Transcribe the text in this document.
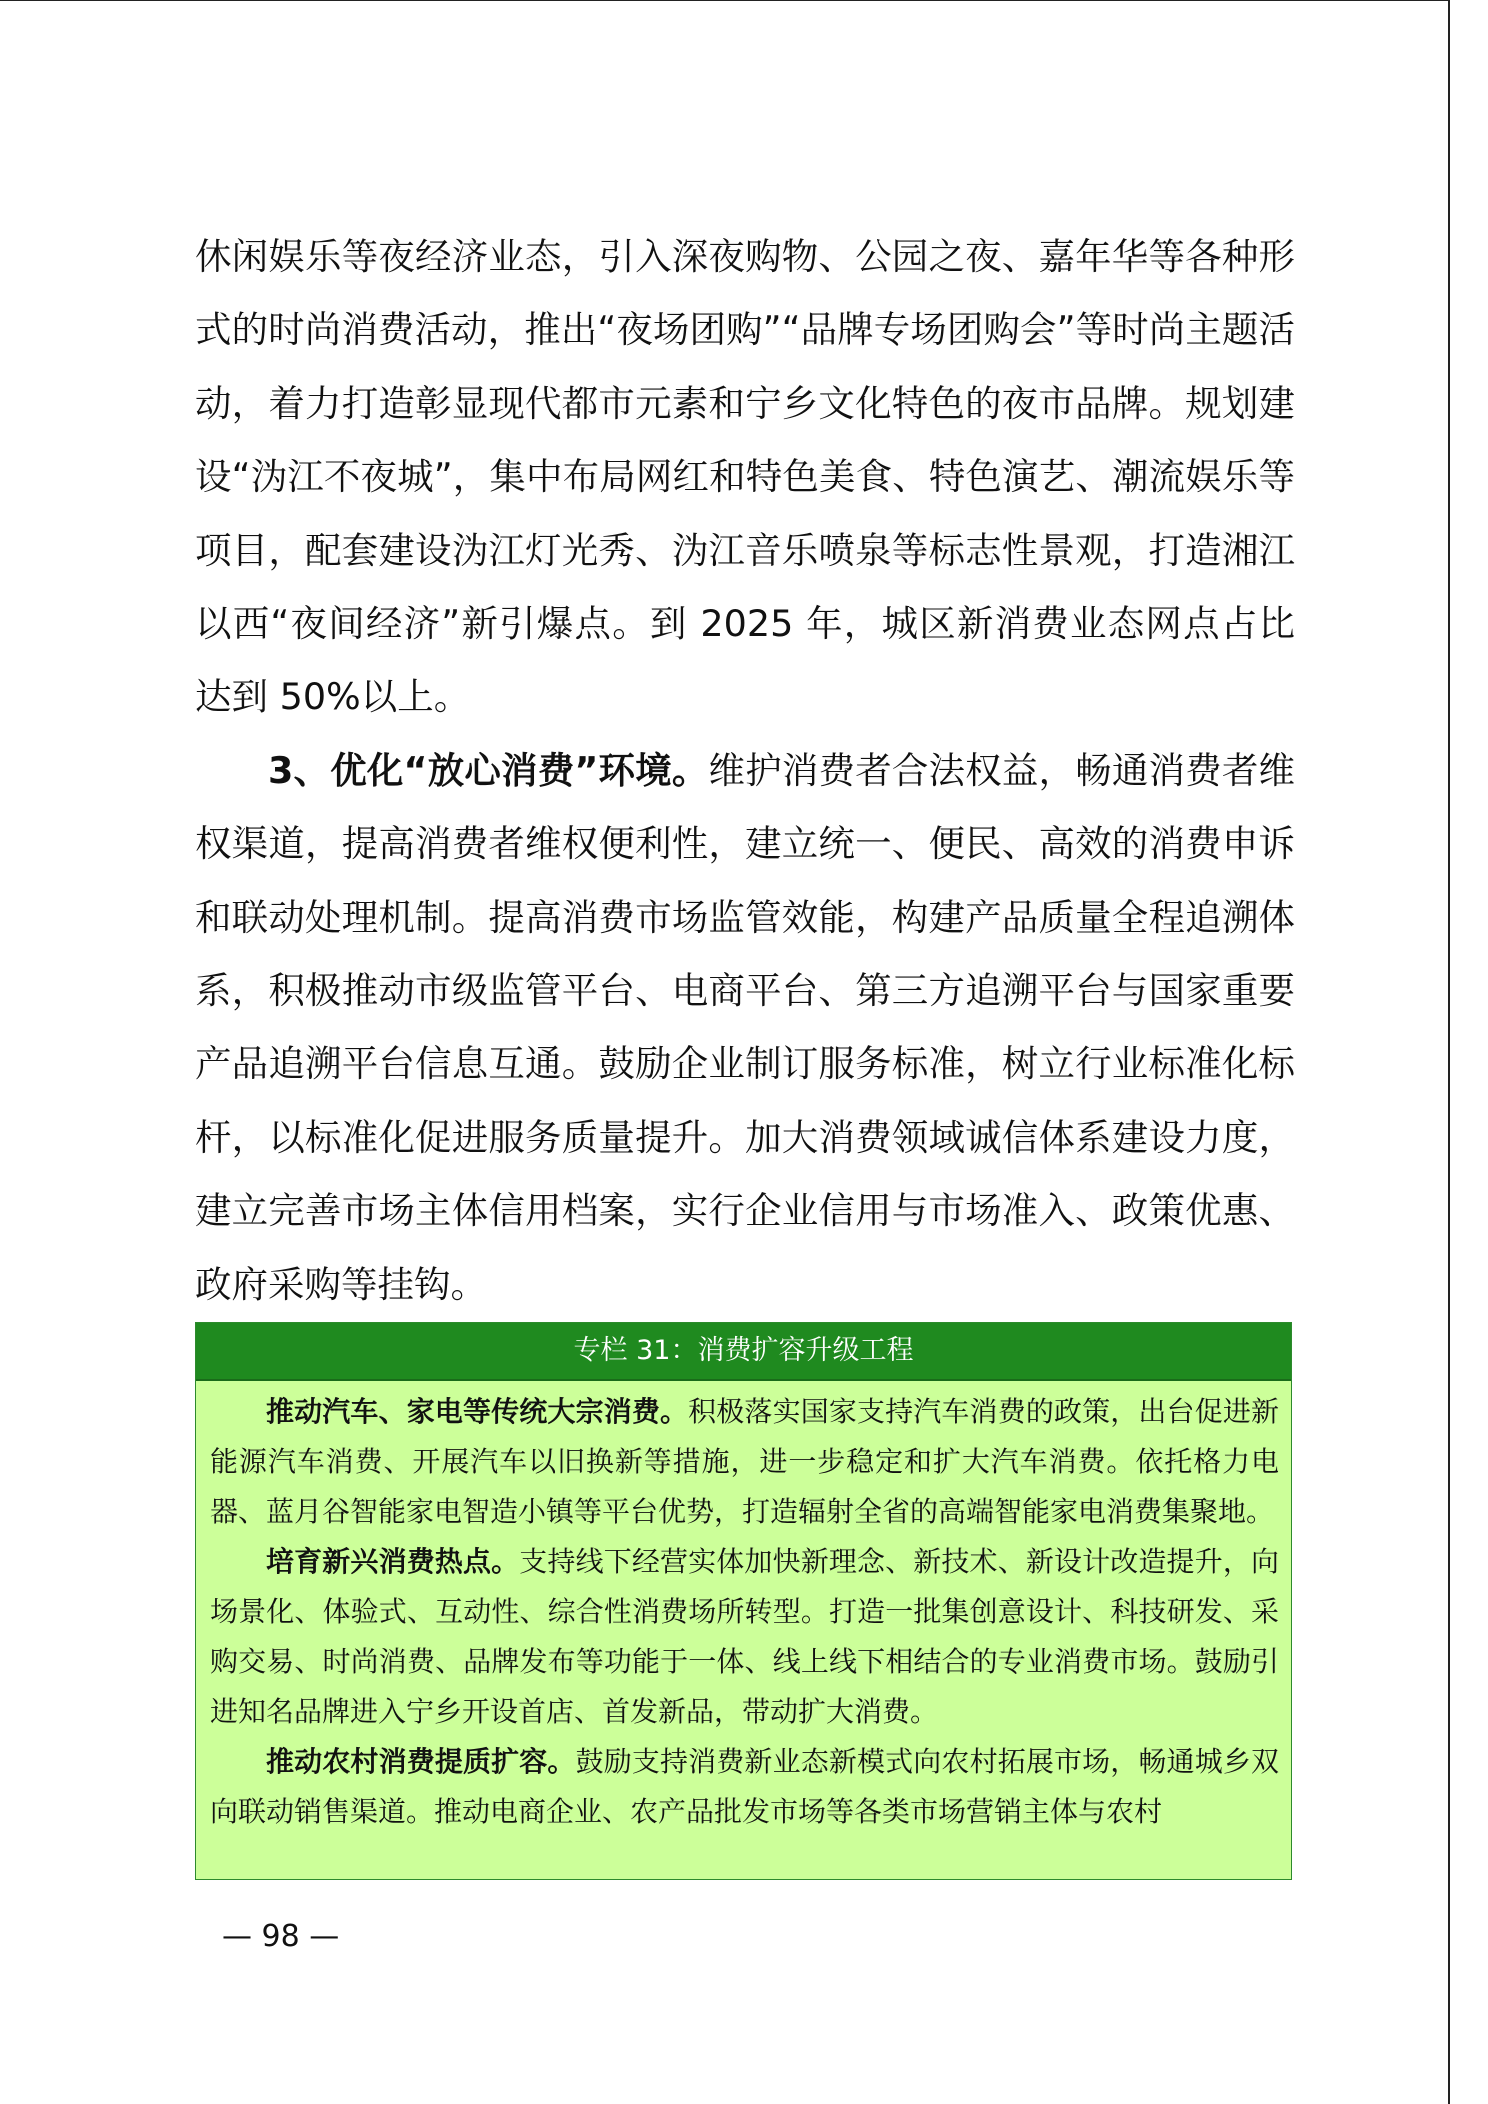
休闲娱乐等夜经济业态，引入深夜购物、公园之夜、嘉年华等各种形式的时尚消费活动，推出“夜场团购”“品牌专场团购会”等时尚主题活动，着力打造彰显现代都市元素和宁乡文化特色的夜市品牌。规划建设“沩江不夜城”，集中布局网红和特色美食、特色演艺、潮流娱乐等项目，配套建设沩江灯光秀、沩江音乐喷泉等标志性景观，打造湘江以西“夜间经济”新引爆点。到 2025 年，城区新消费业态网点占比达到 50%以上。

3、优化“放心消费”环境。维护消费者合法权益，畅通消费者维权渠道，提高消费者维权便利性，建立统一、便民、高效的消费申诉和联动处理机制。提高消费市场监管效能，构建产品质量全程追溯体系，积极推动市级监管平台、电商平台、第三方追溯平台与国家重要产品追溯平台信息互通。鼓励企业制订服务标准，树立行业标准化标杆，以标准化促进服务质量提升。加大消费领域诚信体系建设力度，建立完善市场主体信用档案，实行企业信用与市场准入、政策优惠、政府采购等挂钩。

专栏 31：消费扩容升级工程

推动汽车、家电等传统大宗消费。积极落实国家支持汽车消费的政策，出台促进新能源汽车消费、开展汽车以旧换新等措施，进一步稳定和扩大汽车消费。依托格力电器、蓝月谷智能家电智造小镇等平台优势，打造辐射全省的高端智能家电消费集聚地。

培育新兴消费热点。支持线下经营实体加快新理念、新技术、新设计改造提升，向场景化、体验式、互动性、综合性消费场所转型。打造一批集创意设计、科技研发、采购交易、时尚消费、品牌发布等功能于一体、线上线下相结合的专业消费市场。鼓励引进知名品牌进入宁乡开设首店、首发新品，带动扩大消费。

推动农村消费提质扩容。鼓励支持消费新业态新模式向农村拓展市场，畅通城乡双向联动销售渠道。推动电商企业、农产品批发市场等各类市场营销主体与农村

— 98 —
